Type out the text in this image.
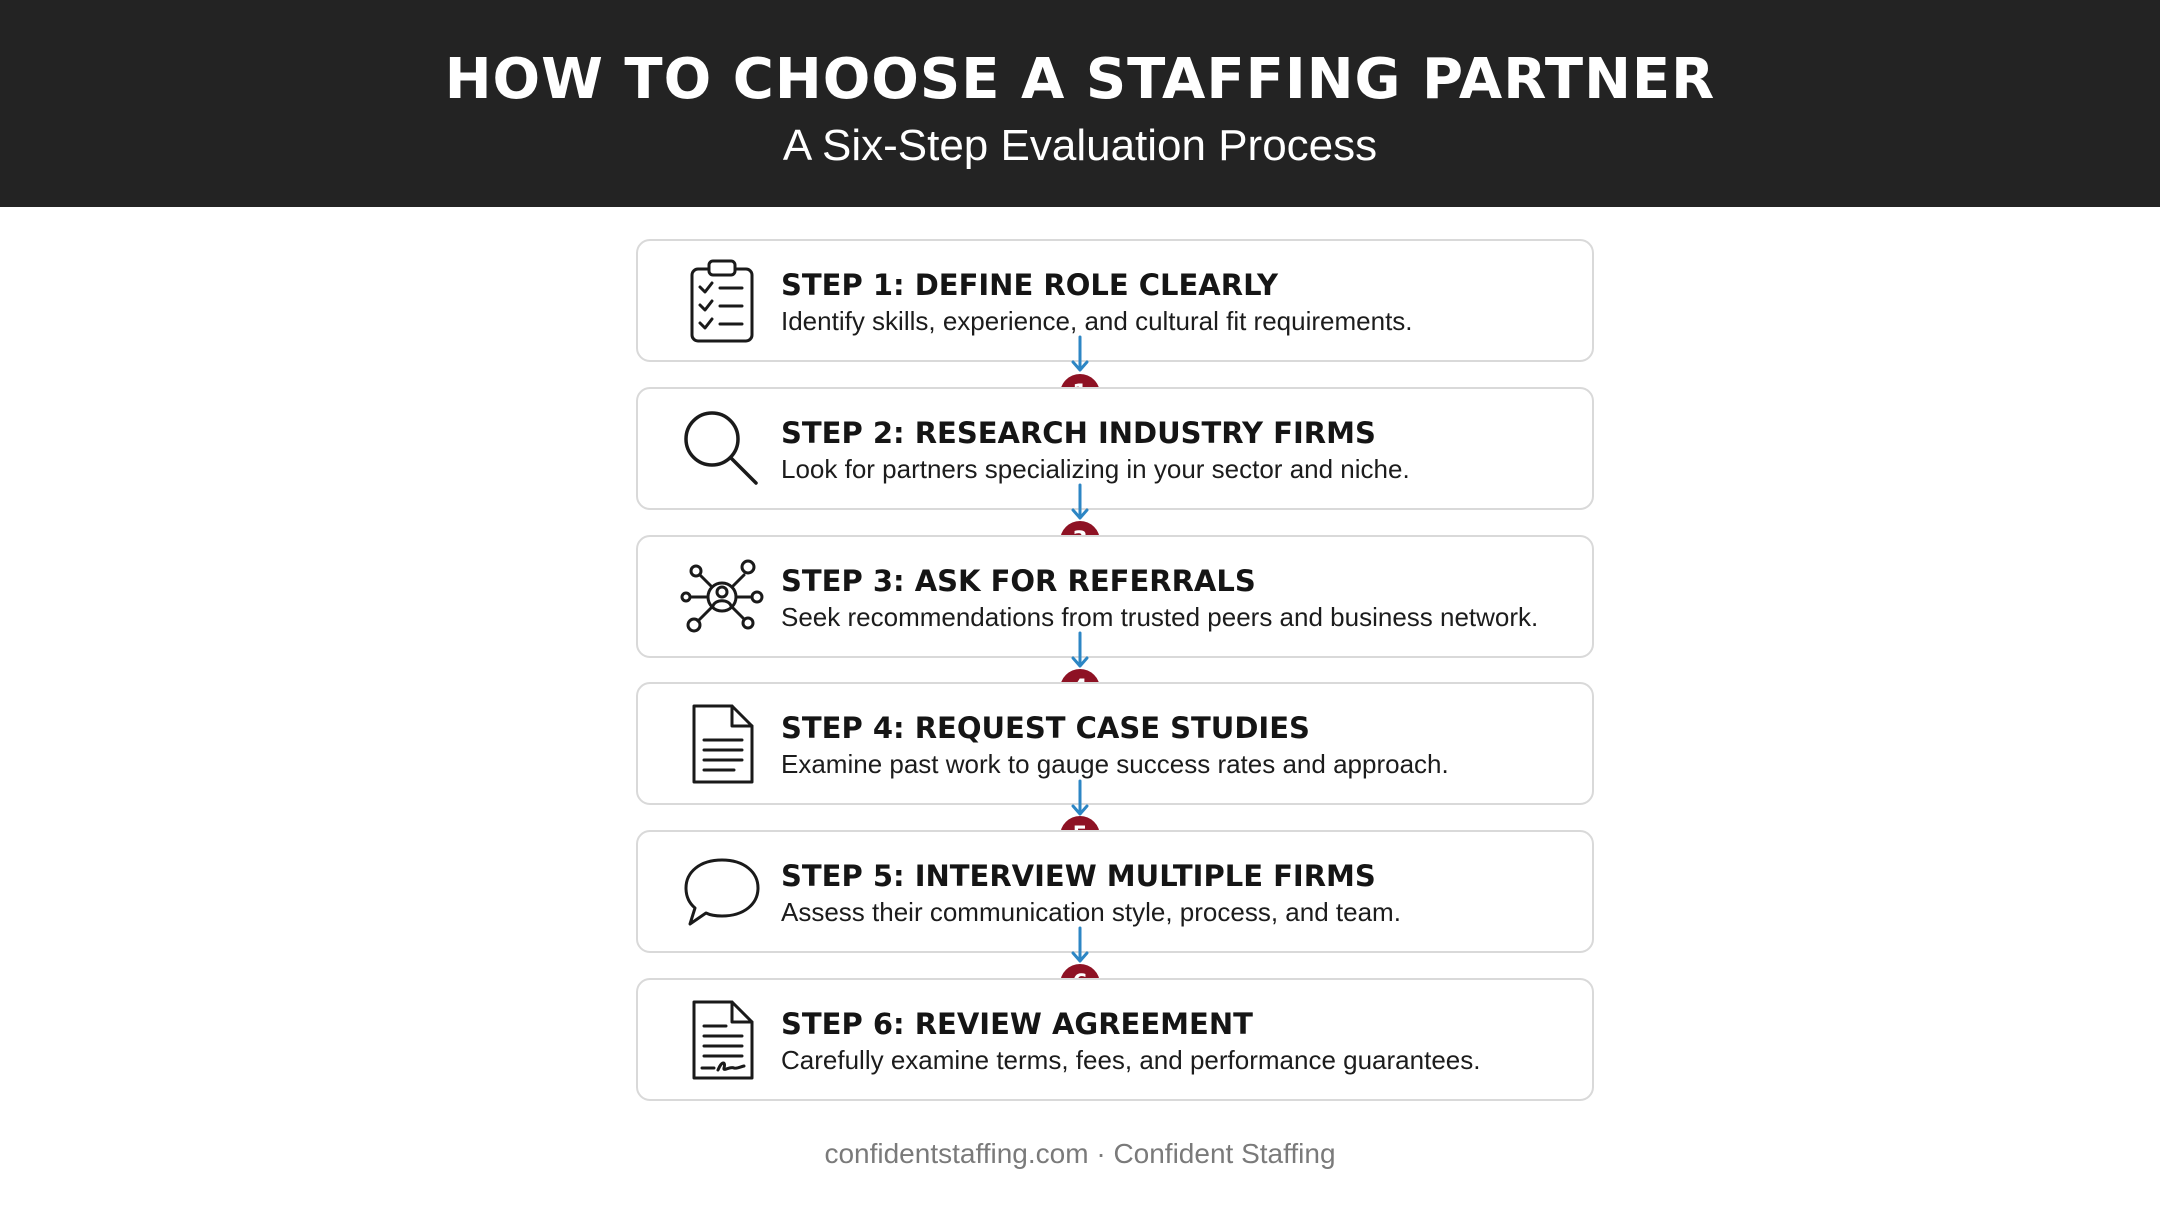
HOW TO CHOOSE A STAFFING PARTNER
A Six-Step Evaluation Process
STEP 1: DEFINE ROLE CLEARLY
Identify skills, experience, and cultural fit requirements.
STEP 2: RESEARCH INDUSTRY FIRMS
Look for partners specializing in your sector and niche.
STEP 3: ASK FOR REFERRALS
Seek recommendations from trusted peers and business network.
STEP 4: REQUEST CASE STUDIES
Examine past work to gauge success rates and approach.
STEP 5: INTERVIEW MULTIPLE FIRMS
Assess their communication style, process, and team.
STEP 6: REVIEW AGREEMENT
Carefully examine terms, fees, and performance guarantees.
confidentstaffing.com · Confident Staffing
